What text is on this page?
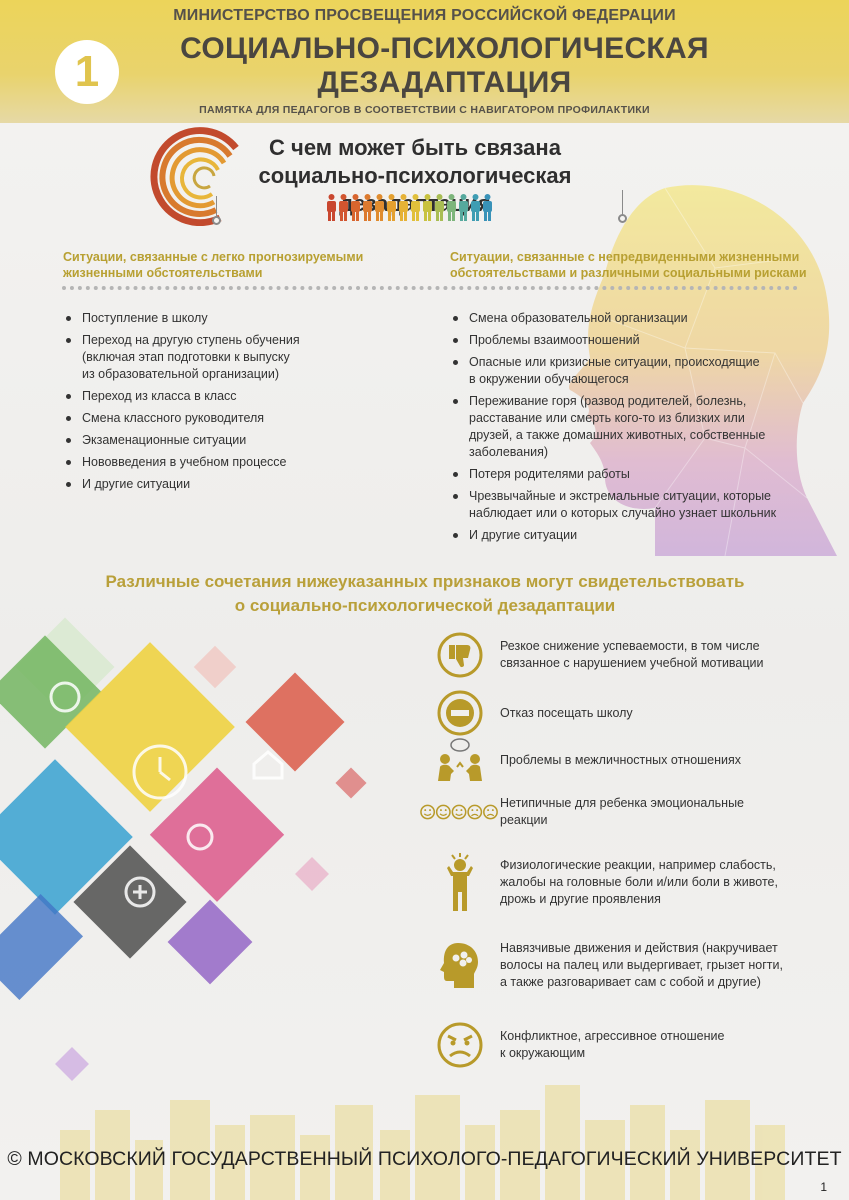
МИНИСТЕРСТВО ПРОСВЕЩЕНИЯ РОССИЙСКОЙ ФЕДЕРАЦИИ
СОЦИАЛЬНО-ПСИХОЛОГИЧЕСКАЯ
ДЕЗАДАПТАЦИЯ
ПАМЯТКА ДЛЯ ПЕДАГОГОВ В СООТВЕТСТВИИ С НАВИГАТОРОМ ПРОФИЛАКТИКИ
1
С чем может быть связана
социально-психологическая
Ситуации, связанные с легко прогнозируемыми жизненными обстоятельствами
Ситуации, связанные с непредвиденными жизненными обстоятельствами и различными социальными рисками
Поступление в школу
Переход на другую ступень обучения
(включая этап подготовки к выпуску
из образовательной организации)
Переход из класса в класс
Смена классного руководителя
Экзаменационные ситуации
Нововведения в учебном процессе
И другие ситуации
Смена образовательной организации
Проблемы взаимоотношений
Опасные или кризисные ситуации, происходящие
в окружении обучающегося
Переживание горя (развод родителей, болезнь,
расставание или смерть кого-то из близких или
друзей, а также домашних животных, собственные
заболевания)
Потеря родителями работы
Чрезвычайные и экстремальные ситуации, которые
наблюдает или о которых случайно узнает школьник
И другие ситуации
Различные сочетания нижеуказанных признаков могут свидетельствовать
о социально-психологической дезадаптации
Резкое снижение успеваемости, в том числе
связанное с нарушением учебной мотивации
Отказ посещать школу
Проблемы в межличностных отношениях
Нетипичные для ребенка эмоциональные
реакции
Физиологические реакции, например слабость,
жалобы на головные боли и/или боли в животе,
дрожь и другие проявления
Навязчивые движения и действия (накручивает
волосы на палец или выдергивает, грызет ногти,
а также разговаривает сам с собой и другие)
Конфликтное, агрессивное отношение
к окружающим
© МОСКОВСКИЙ ГОСУДАРСТВЕННЫЙ ПСИХОЛОГО-ПЕДАГОГИЧЕСКИЙ УНИВЕРСИТЕТ
1
